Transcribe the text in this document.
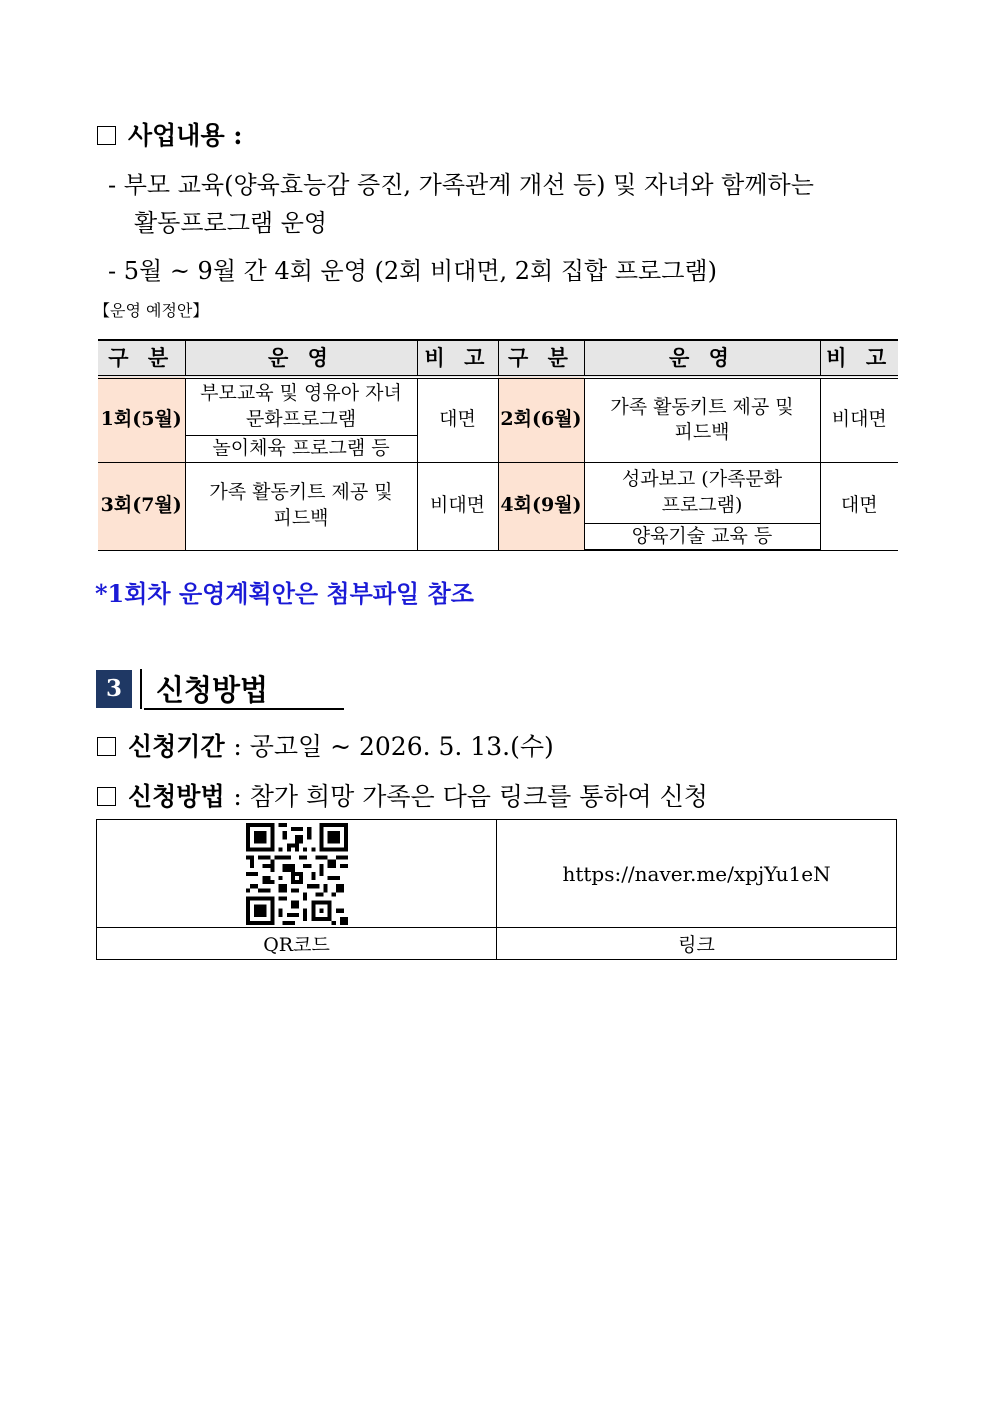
사업내용 :
- 부모 교육(양육효능감 증진, 가족관계 개선 등) 및 자녀와 함께하는
활동프로그램 운영
- 5월 ~ 9월 간 4회 운영 (2회 비대면, 2회 집합 프로그램)
【운영 예정안】
구 분	운 영	비 고	구 분	운 영	비 고
1회(5월)	부모교육 및 영유아 자녀 문화프로그램	대면	2회(6월)	가족 활동키트 제공 및 피드백	비대면
	놀이체육 프로그램 등				
3회(7월)	가족 활동키트 제공 및 피드백	비대면	4회(9월)	성과보고 (가족문화프로그램)	대면
				양육기술 교육 등	
*1회차 운영계획안은 첨부파일 참조
3	신청방법
신청기간 : 공고일 ~ 2026. 5. 13.(수)
신청방법 : 참가 희망 가족은 다음 링크를 통하여 신청
	https://naver.me/xpjYu1eN
QR코드	링크
